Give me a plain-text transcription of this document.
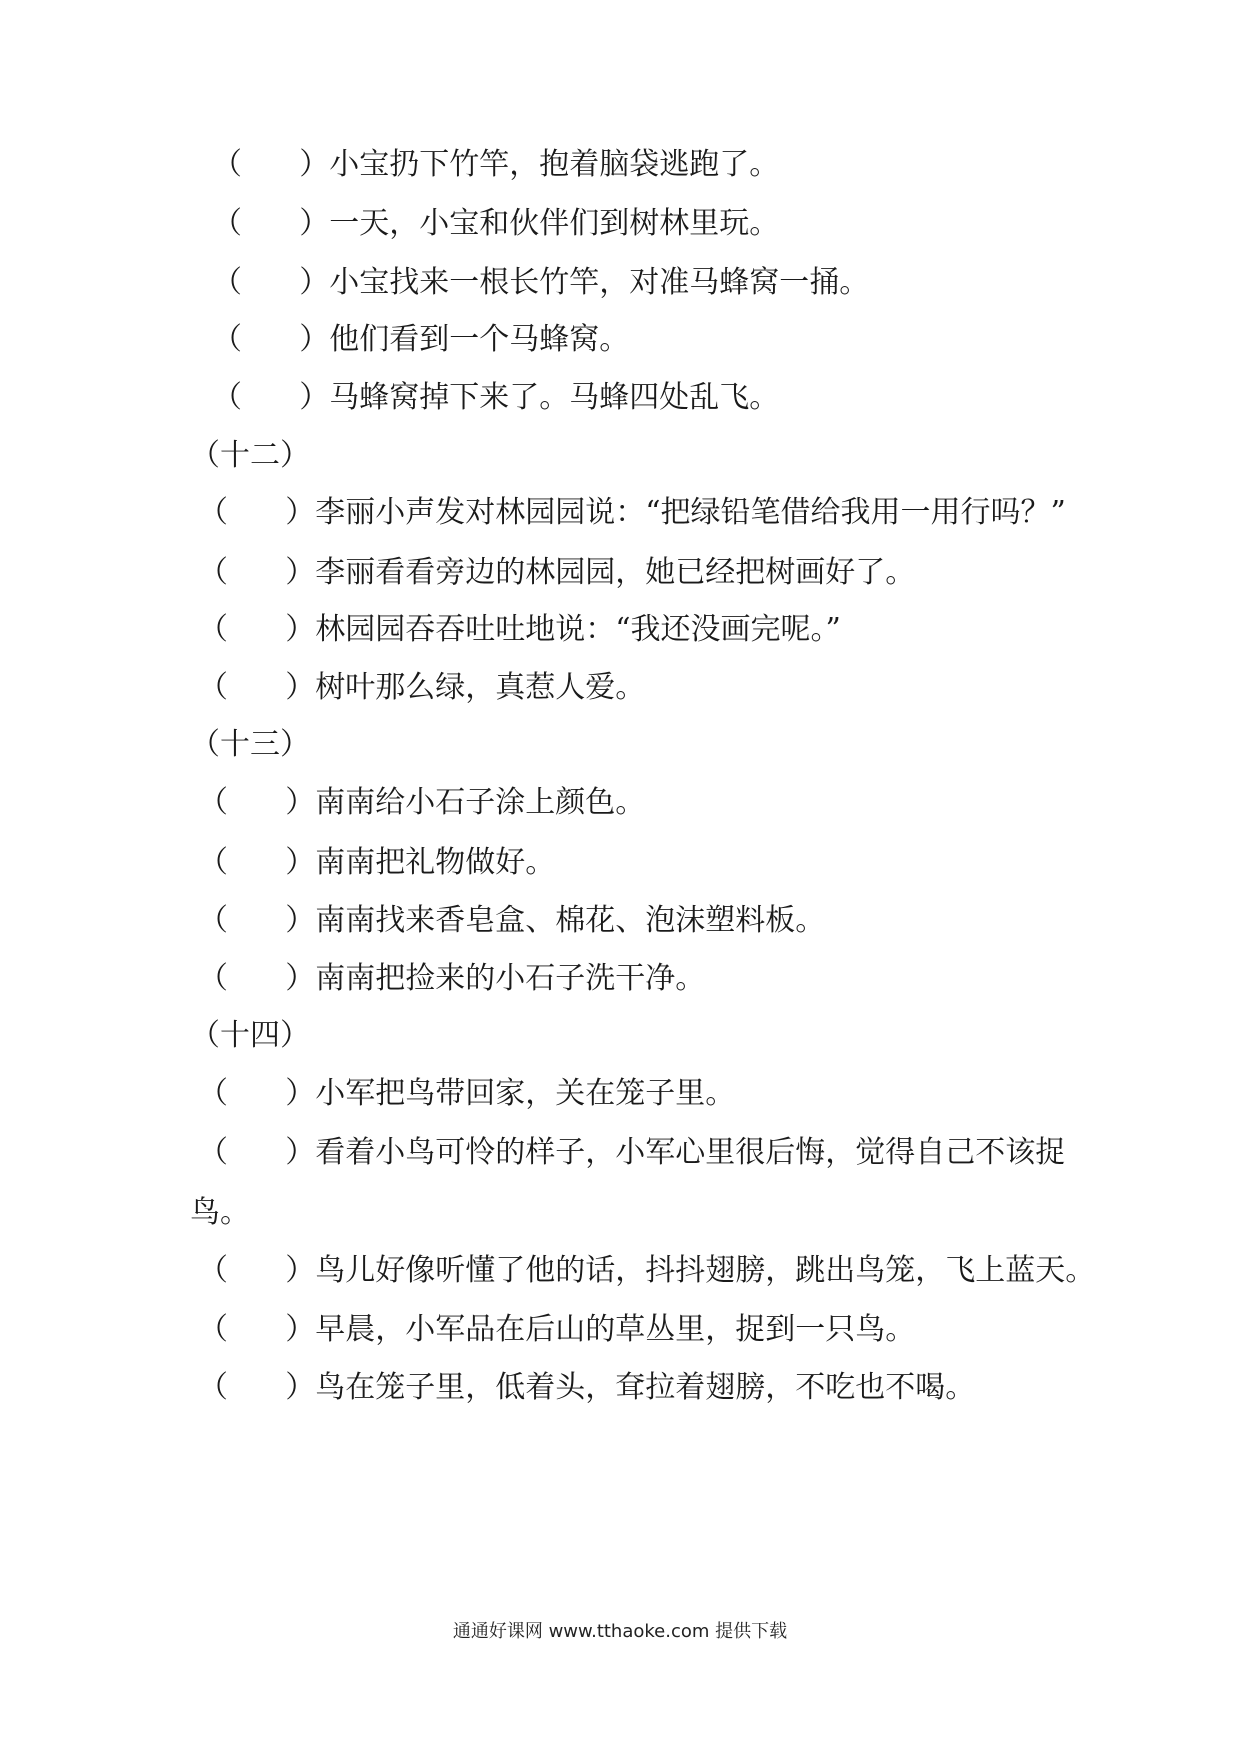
（      ）小宝扔下竹竿，抱着脑袋逃跑了。
（      ）一天，小宝和伙伴们到树林里玩。
（      ）小宝找来一根长竹竿，对准马蜂窝一捅。
（      ）他们看到一个马蜂窝。
（      ）马蜂窝掉下来了。马蜂四处乱飞。
（十二）
（      ）李丽小声发对林园园说：“把绿铅笔借给我用一用行吗？”
（      ）李丽看看旁边的林园园，她已经把树画好了。
（      ）林园园吞吞吐吐地说：“我还没画完呢。”
（      ）树叶那么绿，真惹人爱。
（十三）
（      ）南南给小石子涂上颜色。
（      ）南南把礼物做好。
（      ）南南找来香皂盒、棉花、泡沫塑料板。
（      ）南南把捡来的小石子洗干净。
（十四）
（      ）小军把鸟带回家，关在笼子里。
（      ）看着小鸟可怜的样子，小军心里很后悔，觉得自己不该捉
鸟。
（      ）鸟儿好像听懂了他的话，抖抖翅膀，跳出鸟笼，飞上蓝天。
（      ）早晨，小军品在后山的草丛里，捉到一只鸟。
（      ）鸟在笼子里，低着头，耷拉着翅膀，不吃也不喝。
通通好课网 www.tthaoke.com 提供下载
